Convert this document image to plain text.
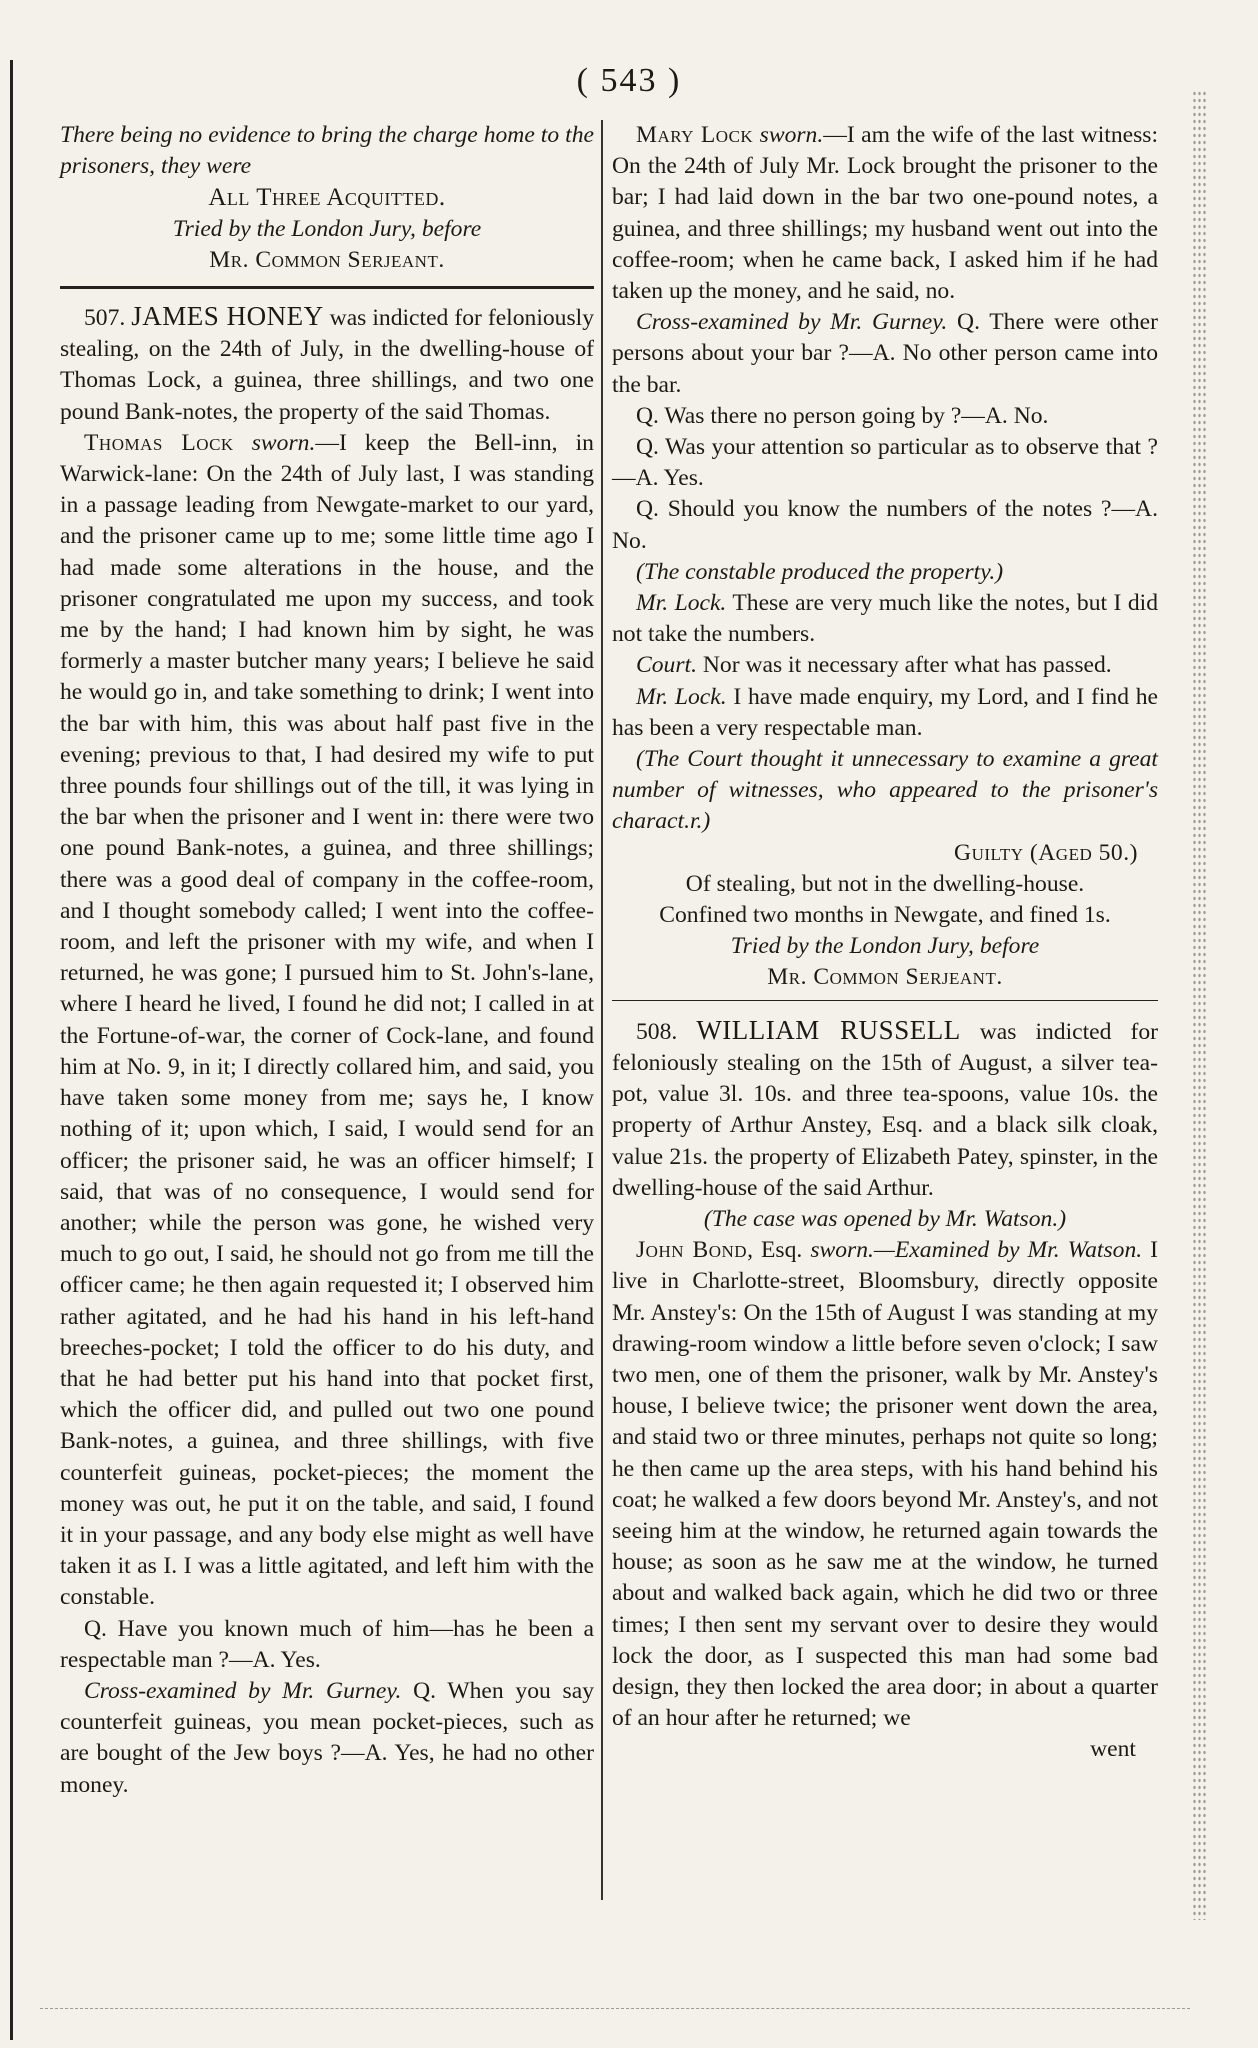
( 543 )

There being no evidence to bring the charge home to the prisoners, they were

All Three Acquitted.

Tried by the London Jury, before

Mr. Common Serjeant.

507. JAMES HONEY was indicted for feloniously stealing, on the 24th of July, in the dwelling-house of Thomas Lock, a guinea, three shillings, and two one pound Bank-notes, the property of the said Thomas.

Thomas Lock sworn.—I keep the Bell-inn, in Warwick-lane: On the 24th of July last, I was standing in a passage leading from Newgate-market to our yard, and the prisoner came up to me; some little time ago I had made some alterations in the house, and the prisoner congratulated me upon my success, and took me by the hand; I had known him by sight, he was formerly a master butcher many years; I believe he said he would go in, and take something to drink; I went into the bar with him, this was about half past five in the evening; previous to that, I had desired my wife to put three pounds four shillings out of the till, it was lying in the bar when the prisoner and I went in: there were two one pound Bank-notes, a guinea, and three shillings; there was a good deal of company in the coffee-room, and I thought somebody called; I went into the coffee-room, and left the prisoner with my wife, and when I returned, he was gone; I pursued him to St. John's-lane, where I heard he lived, I found he did not; I called in at the Fortune-of-war, the corner of Cock-lane, and found him at No. 9, in it; I directly collared him, and said, you have taken some money from me; says he, I know nothing of it; upon which, I said, I would send for an officer; the prisoner said, he was an officer himself; I said, that was of no consequence, I would send for another; while the person was gone, he wished very much to go out, I said, he should not go from me till the officer came; he then again requested it; I observed him rather agitated, and he had his hand in his left-hand breeches-pocket; I told the officer to do his duty, and that he had better put his hand into that pocket first, which the officer did, and pulled out two one pound Bank-notes, a guinea, and three shillings, with five counterfeit guineas, pocket-pieces; the moment the money was out, he put it on the table, and said, I found it in your passage, and any body else might as well have taken it as I. I was a little agitated, and left him with the constable.

Q. Have you known much of him—has he been a respectable man ?—A. Yes.

Cross-examined by Mr. Gurney. Q. When you say counterfeit guineas, you mean pocket-pieces, such as are bought of the Jew boys ?—A. Yes, he had no other money.

Mary Lock sworn.—I am the wife of the last witness: On the 24th of July Mr. Lock brought the prisoner to the bar; I had laid down in the bar two one-pound notes, a guinea, and three shillings; my husband went out into the coffee-room; when he came back, I asked him if he had taken up the money, and he said, no.

Cross-examined by Mr. Gurney. Q. There were other persons about your bar ?—A. No other person came into the bar.

Q. Was there no person going by ?—A. No.

Q. Was your attention so particular as to observe that ?—A. Yes.

Q. Should you know the numbers of the notes ?—A. No.

(The constable produced the property.)

Mr. Lock. These are very much like the notes, but I did not take the numbers.

Court. Nor was it necessary after what has passed.

Mr. Lock. I have made enquiry, my Lord, and I find he has been a very respectable man.

(The Court thought it unnecessary to examine a great number of witnesses, who appeared to the prisoner's charact.r.)

Guilty (Aged 50.)

Of stealing, but not in the dwelling-house.

Confined two months in Newgate, and fined 1s.

Tried by the London Jury, before

Mr. Common Serjeant.

508. WILLIAM RUSSELL was indicted for feloniously stealing on the 15th of August, a silver tea-pot, value 3l. 10s. and three tea-spoons, value 10s. the property of Arthur Anstey, Esq. and a black silk cloak, value 21s. the property of Elizabeth Patey, spinster, in the dwelling-house of the said Arthur.

(The case was opened by Mr. Watson.)

John Bond, Esq. sworn.—Examined by Mr. Watson. I live in Charlotte-street, Bloomsbury, directly opposite Mr. Anstey's: On the 15th of August I was standing at my drawing-room window a little before seven o'clock; I saw two men, one of them the prisoner, walk by Mr. Anstey's house, I believe twice; the prisoner went down the area, and staid two or three minutes, perhaps not quite so long; he then came up the area steps, with his hand behind his coat; he walked a few doors beyond Mr. Anstey's, and not seeing him at the window, he returned again towards the house; as soon as he saw me at the window, he turned about and walked back again, which he did two or three times; I then sent my servant over to desire they would lock the door, as I suspected this man had some bad design, they then locked the area door; in about a quarter of an hour after he returned; we

went
